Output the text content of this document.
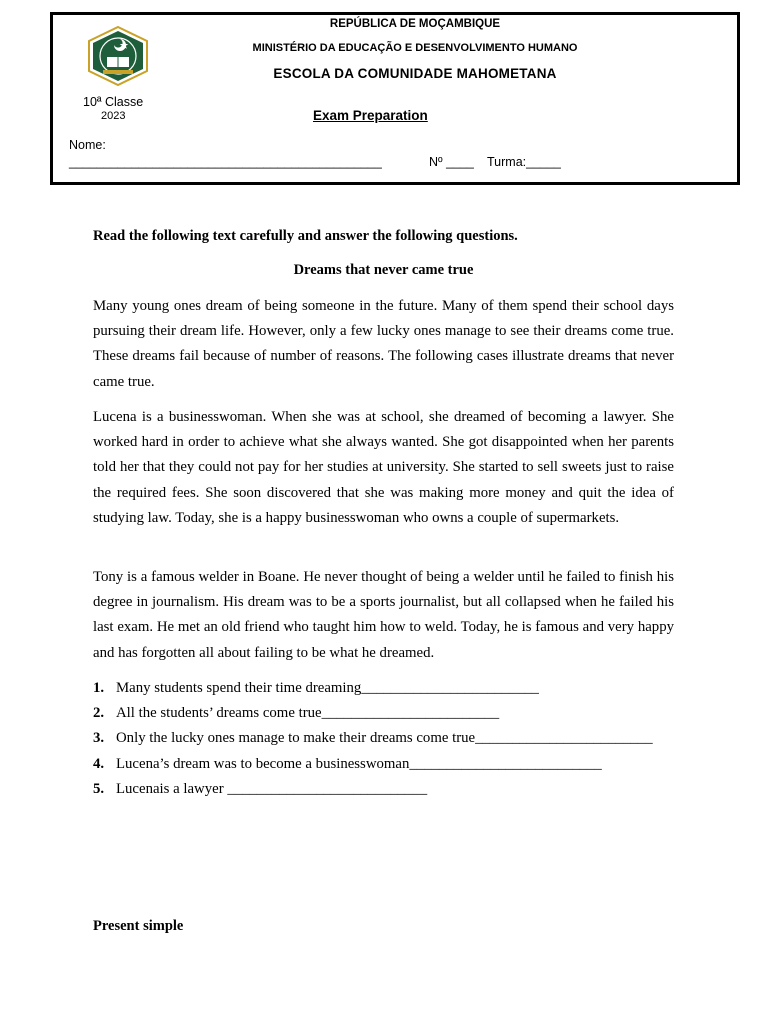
REPÚBLICA DE MOÇAMBIQUE
MINISTÉRIO DA EDUCAÇÃO E DESENVOLVIMENTO HUMANO
ESCOLA DA COMUNIDADE MAHOMETANA
10ª Classe
2023	Exam Preparation
Nome:
_____________________________________________	Nº ____ Turma:_____
Read the following text carefully and answer the following questions.
Dreams that never came true

Many young ones dream of being someone in the future. Many of them spend their school days pursuing their dream life. However, only a few lucky ones manage to see their dreams come true. These dreams fail because of number of reasons. The following cases illustrate dreams that never came true.

Lucena is a businesswoman. When she was at school, she dreamed of becoming a lawyer. She worked hard in order to achieve what she always wanted. She got disappointed when her parents told her that they could not pay for her studies at university. She started to sell sweets just to raise the required fees. She soon discovered that she was making more money and quit the idea of studying law. Today, she is a happy businesswoman who owns a couple of supermarkets.

Tony is a famous welder in Boane. He never thought of being a welder until he failed to finish his degree in journalism. His dream was to be a sports journalist, but all collapsed when he failed his last exam. He met an old friend who taught him how to weld. Today, he is famous and very happy and has forgotten all about failing to be what he dreamed.

1. Many students spend their time dreaming________________________
2. All the students’ dreams come true________________________
3. Only the lucky ones manage to make their dreams come true________________________
4. Lucena’s dream was to become a businesswoman__________________________
5. Lucenais a lawyer ___________________________
Present simple
